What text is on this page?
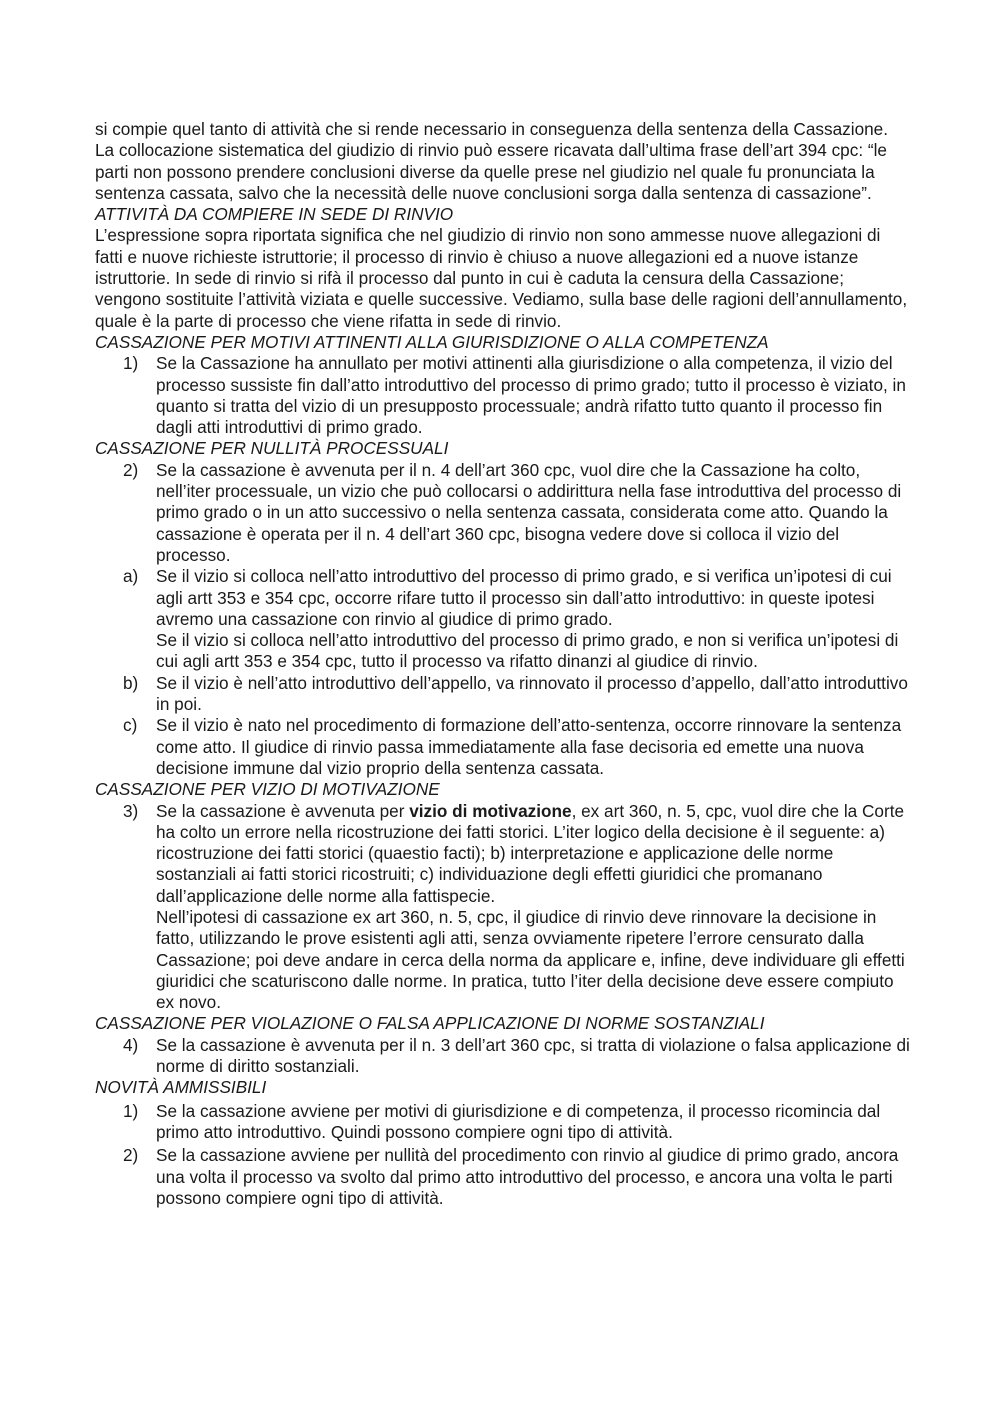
si compie quel tanto di attività che si rende necessario in conseguenza della sentenza della Cassazione.

La collocazione sistematica del giudizio di rinvio può essere ricavata dall’ultima frase dell’art 394 cpc: “le parti non possono prendere conclusioni diverse da quelle prese nel giudizio nel quale fu pronunciata la sentenza cassata, salvo che la necessità delle nuove conclusioni sorga dalla sentenza di cassazione”.

ATTIVITÀ DA COMPIERE IN SEDE DI RINVIO

L’espressione sopra riportata significa che nel giudizio di rinvio non sono ammesse nuove allegazioni di fatti e nuove richieste istruttorie; il processo di rinvio è chiuso a nuove allegazioni ed a nuove istanze istruttorie. In sede di rinvio si rifà il processo dal punto in cui è caduta la censura della Cassazione; vengono sostituite l’attività viziata e quelle successive. Vediamo, sulla base delle ragioni dell’annullamento, quale è la parte di processo che viene rifatta in sede di rinvio.

CASSAZIONE PER MOTIVI ATTINENTI ALLA GIURISDIZIONE O ALLA COMPETENZA

1) Se la Cassazione ha annullato per motivi attinenti alla giurisdizione o alla competenza, il vizio del processo sussiste fin dall’atto introduttivo del processo di primo grado; tutto il processo è viziato, in quanto si tratta del vizio di un presupposto processuale; andrà rifatto tutto quanto il processo fin dagli atti introduttivi di primo grado.

CASSAZIONE PER NULLITÀ PROCESSUALI

2) Se la cassazione è avvenuta per il n. 4 dell’art 360 cpc, vuol dire che la Cassazione ha colto, nell’iter processuale, un vizio che può collocarsi o addirittura nella fase introduttiva del processo di primo grado o in un atto successivo o nella sentenza cassata, considerata come atto. Quando la cassazione è operata per il n. 4 dell’art 360 cpc, bisogna vedere dove si colloca il vizio del processo.
a) Se il vizio si colloca nell’atto introduttivo del processo di primo grado, e si verifica un’ipotesi di cui agli artt 353 e 354 cpc, occorre rifare tutto il processo sin dall’atto introduttivo: in queste ipotesi avremo una cassazione con rinvio al giudice di primo grado.
Se il vizio si colloca nell’atto introduttivo del processo di primo grado, e non si verifica un’ipotesi di cui agli artt 353 e 354 cpc, tutto il processo va rifatto dinanzi al giudice di rinvio.
b) Se il vizio è nell’atto introduttivo dell’appello, va rinnovato il processo d’appello, dall’atto introduttivo in poi.
c) Se il vizio è nato nel procedimento di formazione dell’atto-sentenza, occorre rinnovare la sentenza come atto. Il giudice di rinvio passa immediatamente alla fase decisoria ed emette una nuova decisione immune dal vizio proprio della sentenza cassata.

CASSAZIONE PER VIZIO DI MOTIVAZIONE

3) Se la cassazione è avvenuta per vizio di motivazione, ex art 360, n. 5, cpc, vuol dire che la Corte ha colto un errore nella ricostruzione dei fatti storici. L’iter logico della decisione è il seguente: a) ricostruzione dei fatti storici (quaestio facti); b) interpretazione e applicazione delle norme sostanziali ai fatti storici ricostruiti; c) individuazione degli effetti giuridici che promanano dall’applicazione delle norme alla fattispecie.
Nell’ipotesi di cassazione ex art 360, n. 5, cpc, il giudice di rinvio deve rinnovare la decisione in fatto, utilizzando le prove esistenti agli atti, senza ovviamente ripetere l’errore censurato dalla Cassazione; poi deve andare in cerca della norma da applicare e, infine, deve individuare gli effetti giuridici che scaturiscono dalle norme. In pratica, tutto l’iter della decisione deve essere compiuto ex novo.

CASSAZIONE PER VIOLAZIONE O FALSA APPLICAZIONE DI NORME SOSTANZIALI

4) Se la cassazione è avvenuta per il n. 3 dell’art 360 cpc, si tratta di violazione o falsa applicazione di norme di diritto sostanziali.

NOVITÀ AMMISSIBILI

1) Se la cassazione avviene per motivi di giurisdizione e di competenza, il processo ricomincia dal primo atto introduttivo. Quindi possono compiere ogni tipo di attività.
2) Se la cassazione avviene per nullità del procedimento con rinvio al giudice di primo grado, ancora una volta il processo va svolto dal primo atto introduttivo del processo, e ancora una volta le parti possono compiere ogni tipo di attività.
